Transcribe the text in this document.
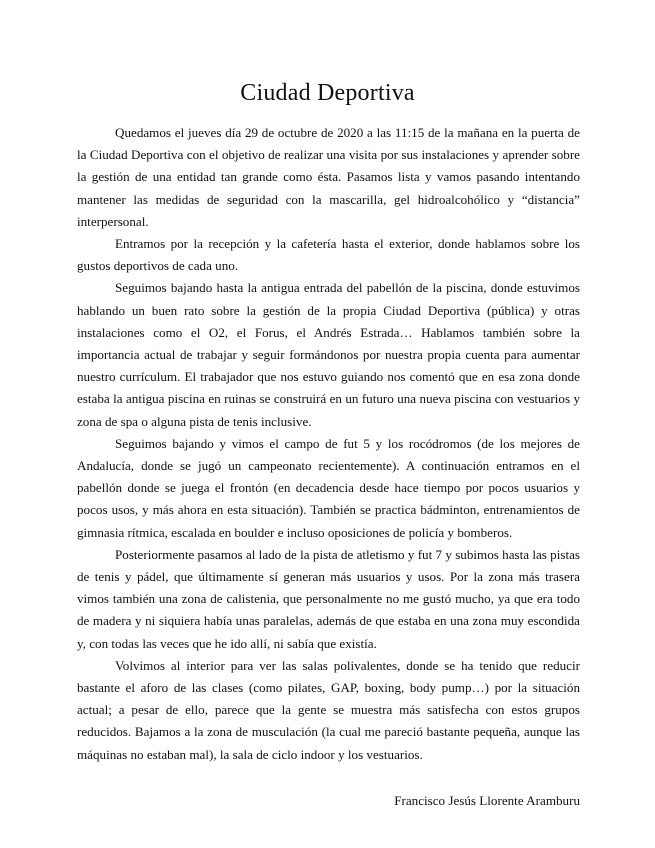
Ciudad Deportiva

Quedamos el jueves día 29 de octubre de 2020 a las 11:15 de la mañana en la puerta de la Ciudad Deportiva con el objetivo de realizar una visita por sus instalaciones y aprender sobre la gestión de una entidad tan grande como ésta. Pasamos lista y vamos pasando intentando mantener las medidas de seguridad con la mascarilla, gel hidroalcohólico y “distancia” interpersonal.

Entramos por la recepción y la cafetería hasta el exterior, donde hablamos sobre los gustos deportivos de cada uno.

Seguimos bajando hasta la antigua entrada del pabellón de la piscina, donde estuvimos hablando un buen rato sobre la gestión de la propia Ciudad Deportiva (pública) y otras instalaciones como el O2, el Forus, el Andrés Estrada… Hablamos también sobre la importancia actual de trabajar y seguir formándonos por nuestra propia cuenta para aumentar nuestro currículum. El trabajador que nos estuvo guiando nos comentó que en esa zona donde estaba la antigua piscina en ruinas se construirá en un futuro una nueva piscina con vestuarios y zona de spa o alguna pista de tenis inclusive.

Seguimos bajando y vimos el campo de fut 5 y los rocódromos (de los mejores de Andalucía, donde se jugó un campeonato recientemente). A continuación entramos en el pabellón donde se juega el frontón (en decadencia desde hace tiempo por pocos usuarios y pocos usos, y más ahora en esta situación). También se practica bádminton, entrenamientos de gimnasia rítmica, escalada en boulder e incluso oposiciones de policía y bomberos.

Posteriormente pasamos al lado de la pista de atletismo y fut 7 y subimos hasta las pistas de tenis y pádel, que últimamente sí generan más usuarios y usos. Por la zona más trasera vimos también una zona de calistenia, que personalmente no me gustó mucho, ya que era todo de madera y ni siquiera había unas paralelas, además de que estaba en una zona muy escondida y, con todas las veces que he ido allí, ni sabía que existía.

Volvimos al interior para ver las salas polivalentes, donde se ha tenido que reducir bastante el aforo de las clases (como pilates, GAP, boxing, body pump…) por la situación actual; a pesar de ello, parece que la gente se muestra más satisfecha con estos grupos reducidos. Bajamos a la zona de musculación (la cual me pareció bastante pequeña, aunque las máquinas no estaban mal), la sala de ciclo indoor y los vestuarios.

Francisco Jesús Llorente Aramburu
